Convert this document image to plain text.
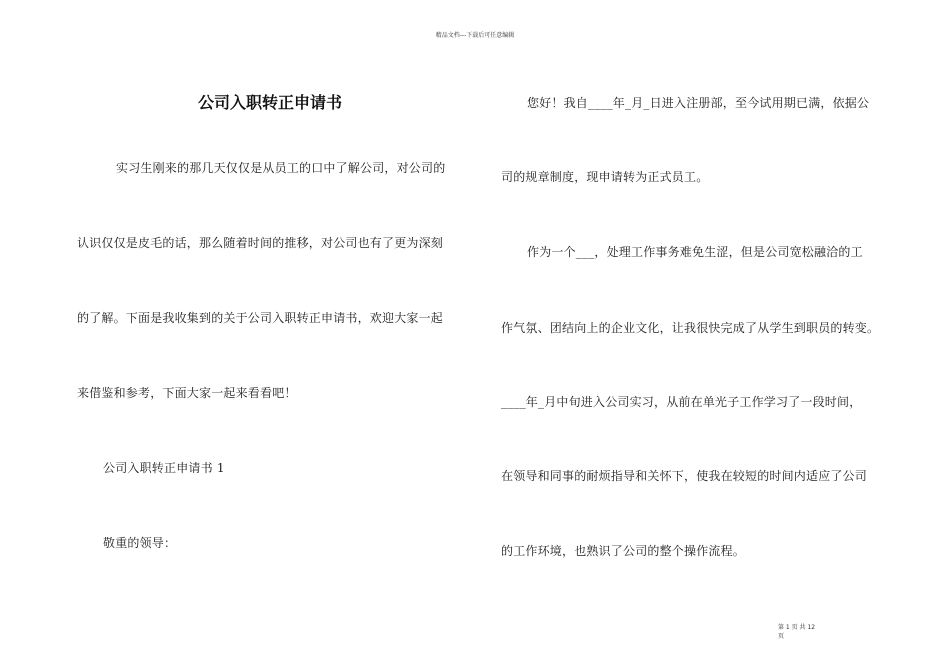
精品文档---下载后可任意编辑
公司入职转正申请书
实习生刚来的那几天仅仅是从员工的口中了解公司，对公司的
认识仅仅是皮毛的话，那么随着时间的推移，对公司也有了更为深刻
的了解。下面是我收集到的关于公司入职转正申请书，欢迎大家一起
来借鉴和参考，下面大家一起来看看吧！
公司入职转正申请书 1
敬重的领导：
您好！我自____年_月_日进入注册部，至今试用期已满，依据公
司的规章制度，现申请转为正式员工。
作为一个___，处理工作事务难免生涩，但是公司宽松融洽的工
作气氛、团结向上的企业文化，让我很快完成了从学生到职员的转变。
____年_月中旬进入公司实习，从前在单光子工作学习了一段时间，
在领导和同事的耐烦指导和关怀下，使我在较短的时间内适应了公司
的工作环境，也熟识了公司的整个操作流程。
第 1 页 共 12
页
